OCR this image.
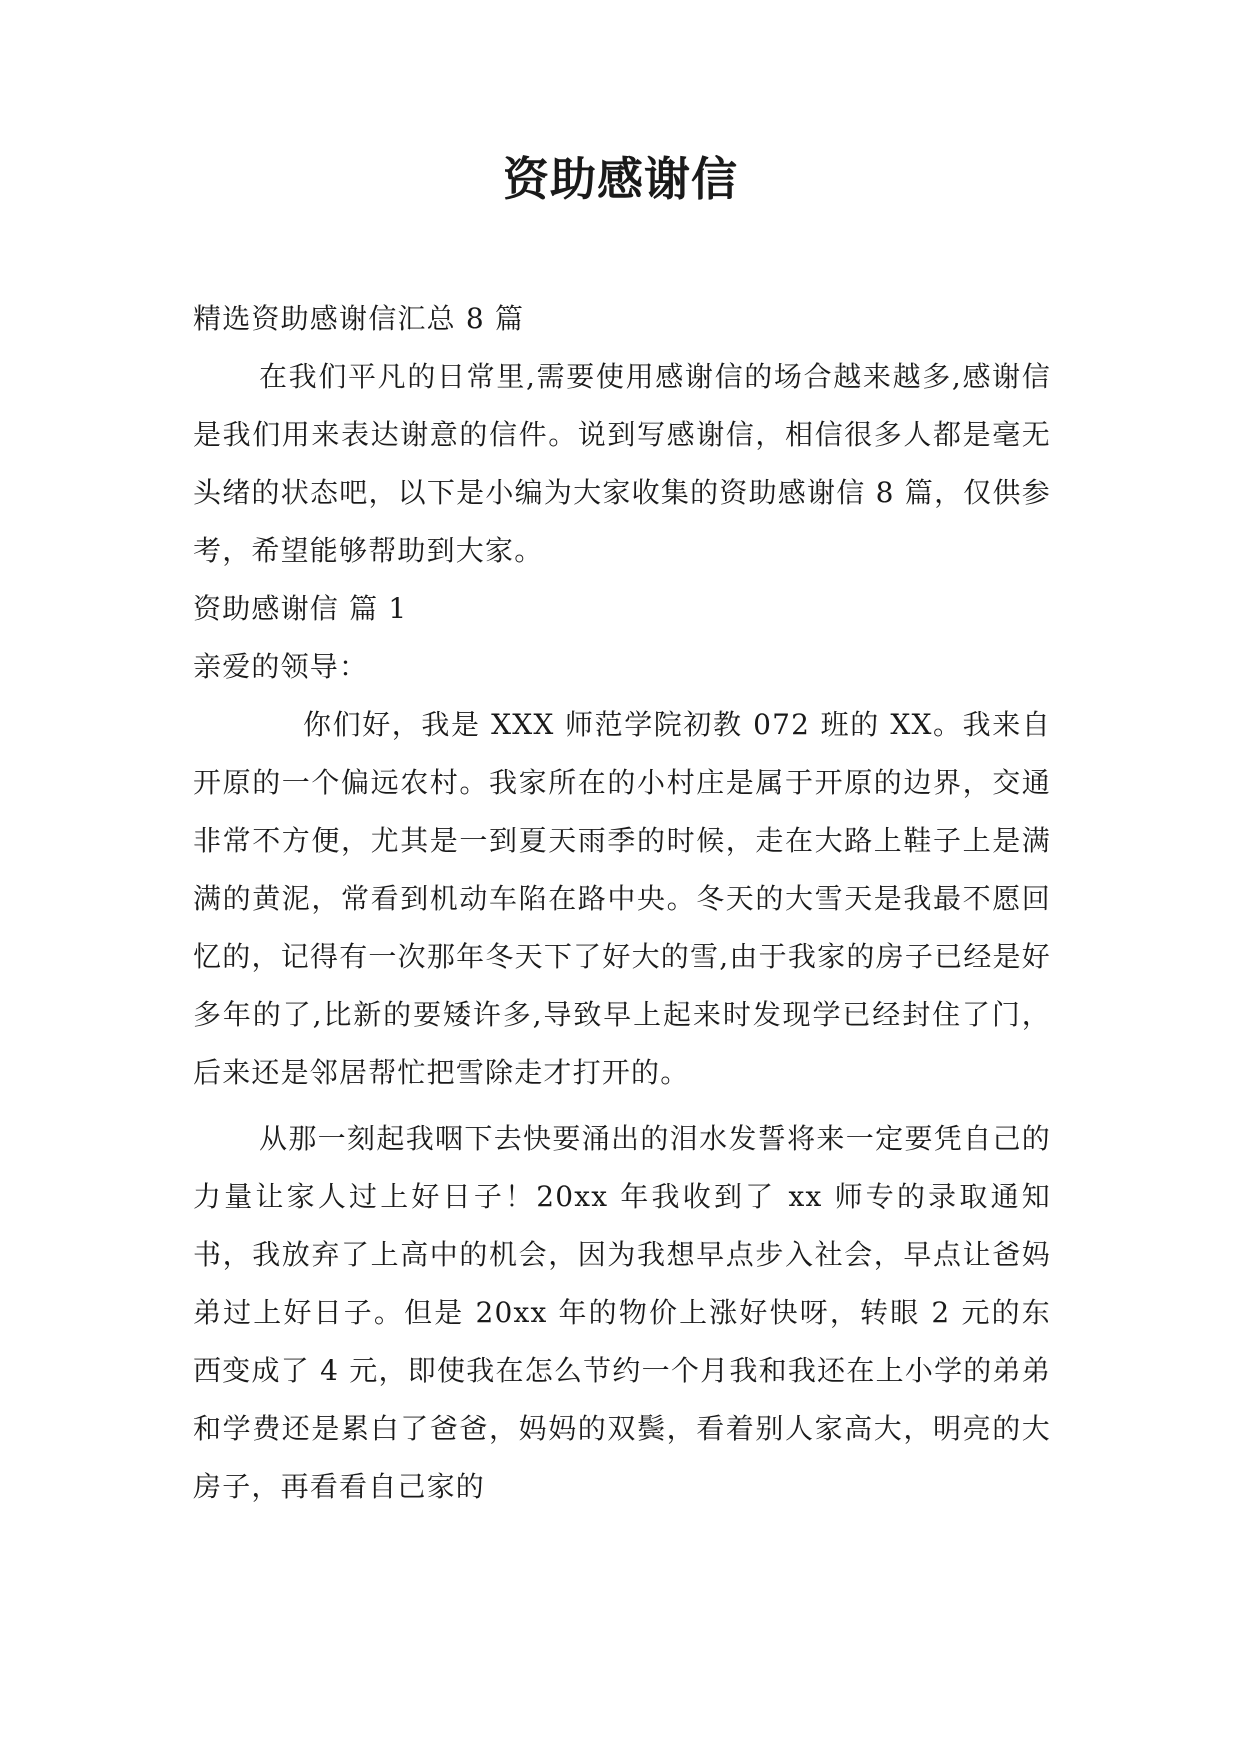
资助感谢信

精选资助感谢信汇总 8 篇

在我们平凡的日常里,需要使用感谢信的场合越来越多,感谢信是我们用来表达谢意的信件。说到写感谢信，相信很多人都是毫无头绪的状态吧，以下是小编为大家收集的资助感谢信 8 篇，仅供参考，希望能够帮助到大家。

资助感谢信 篇 1

亲爱的领导：

你们好，我是 XXX 师范学院初教 072 班的 XX。我来自开原的一个偏远农村。我家所在的小村庄是属于开原的边界，交通非常不方便，尤其是一到夏天雨季的时候，走在大路上鞋子上是满满的黄泥，常看到机动车陷在路中央。冬天的大雪天是我最不愿回忆的，记得有一次那年冬天下了好大的雪,由于我家的房子已经是好多年的了,比新的要矮许多,导致早上起来时发现学已经封住了门，后来还是邻居帮忙把雪除走才打开的。

从那一刻起我咽下去快要涌出的泪水发誓将来一定要凭自己的力量让家人过上好日子！20xx 年我收到了 xx 师专的录取通知书，我放弃了上高中的机会，因为我想早点步入社会，早点让爸妈弟过上好日子。但是 20xx 年的物价上涨好快呀，转眼 2 元的东西变成了 4 元，即使我在怎么节约一个月我和我还在上小学的弟弟和学费还是累白了爸爸，妈妈的双鬓，看着别人家高大，明亮的大房子，再看看自己家的
